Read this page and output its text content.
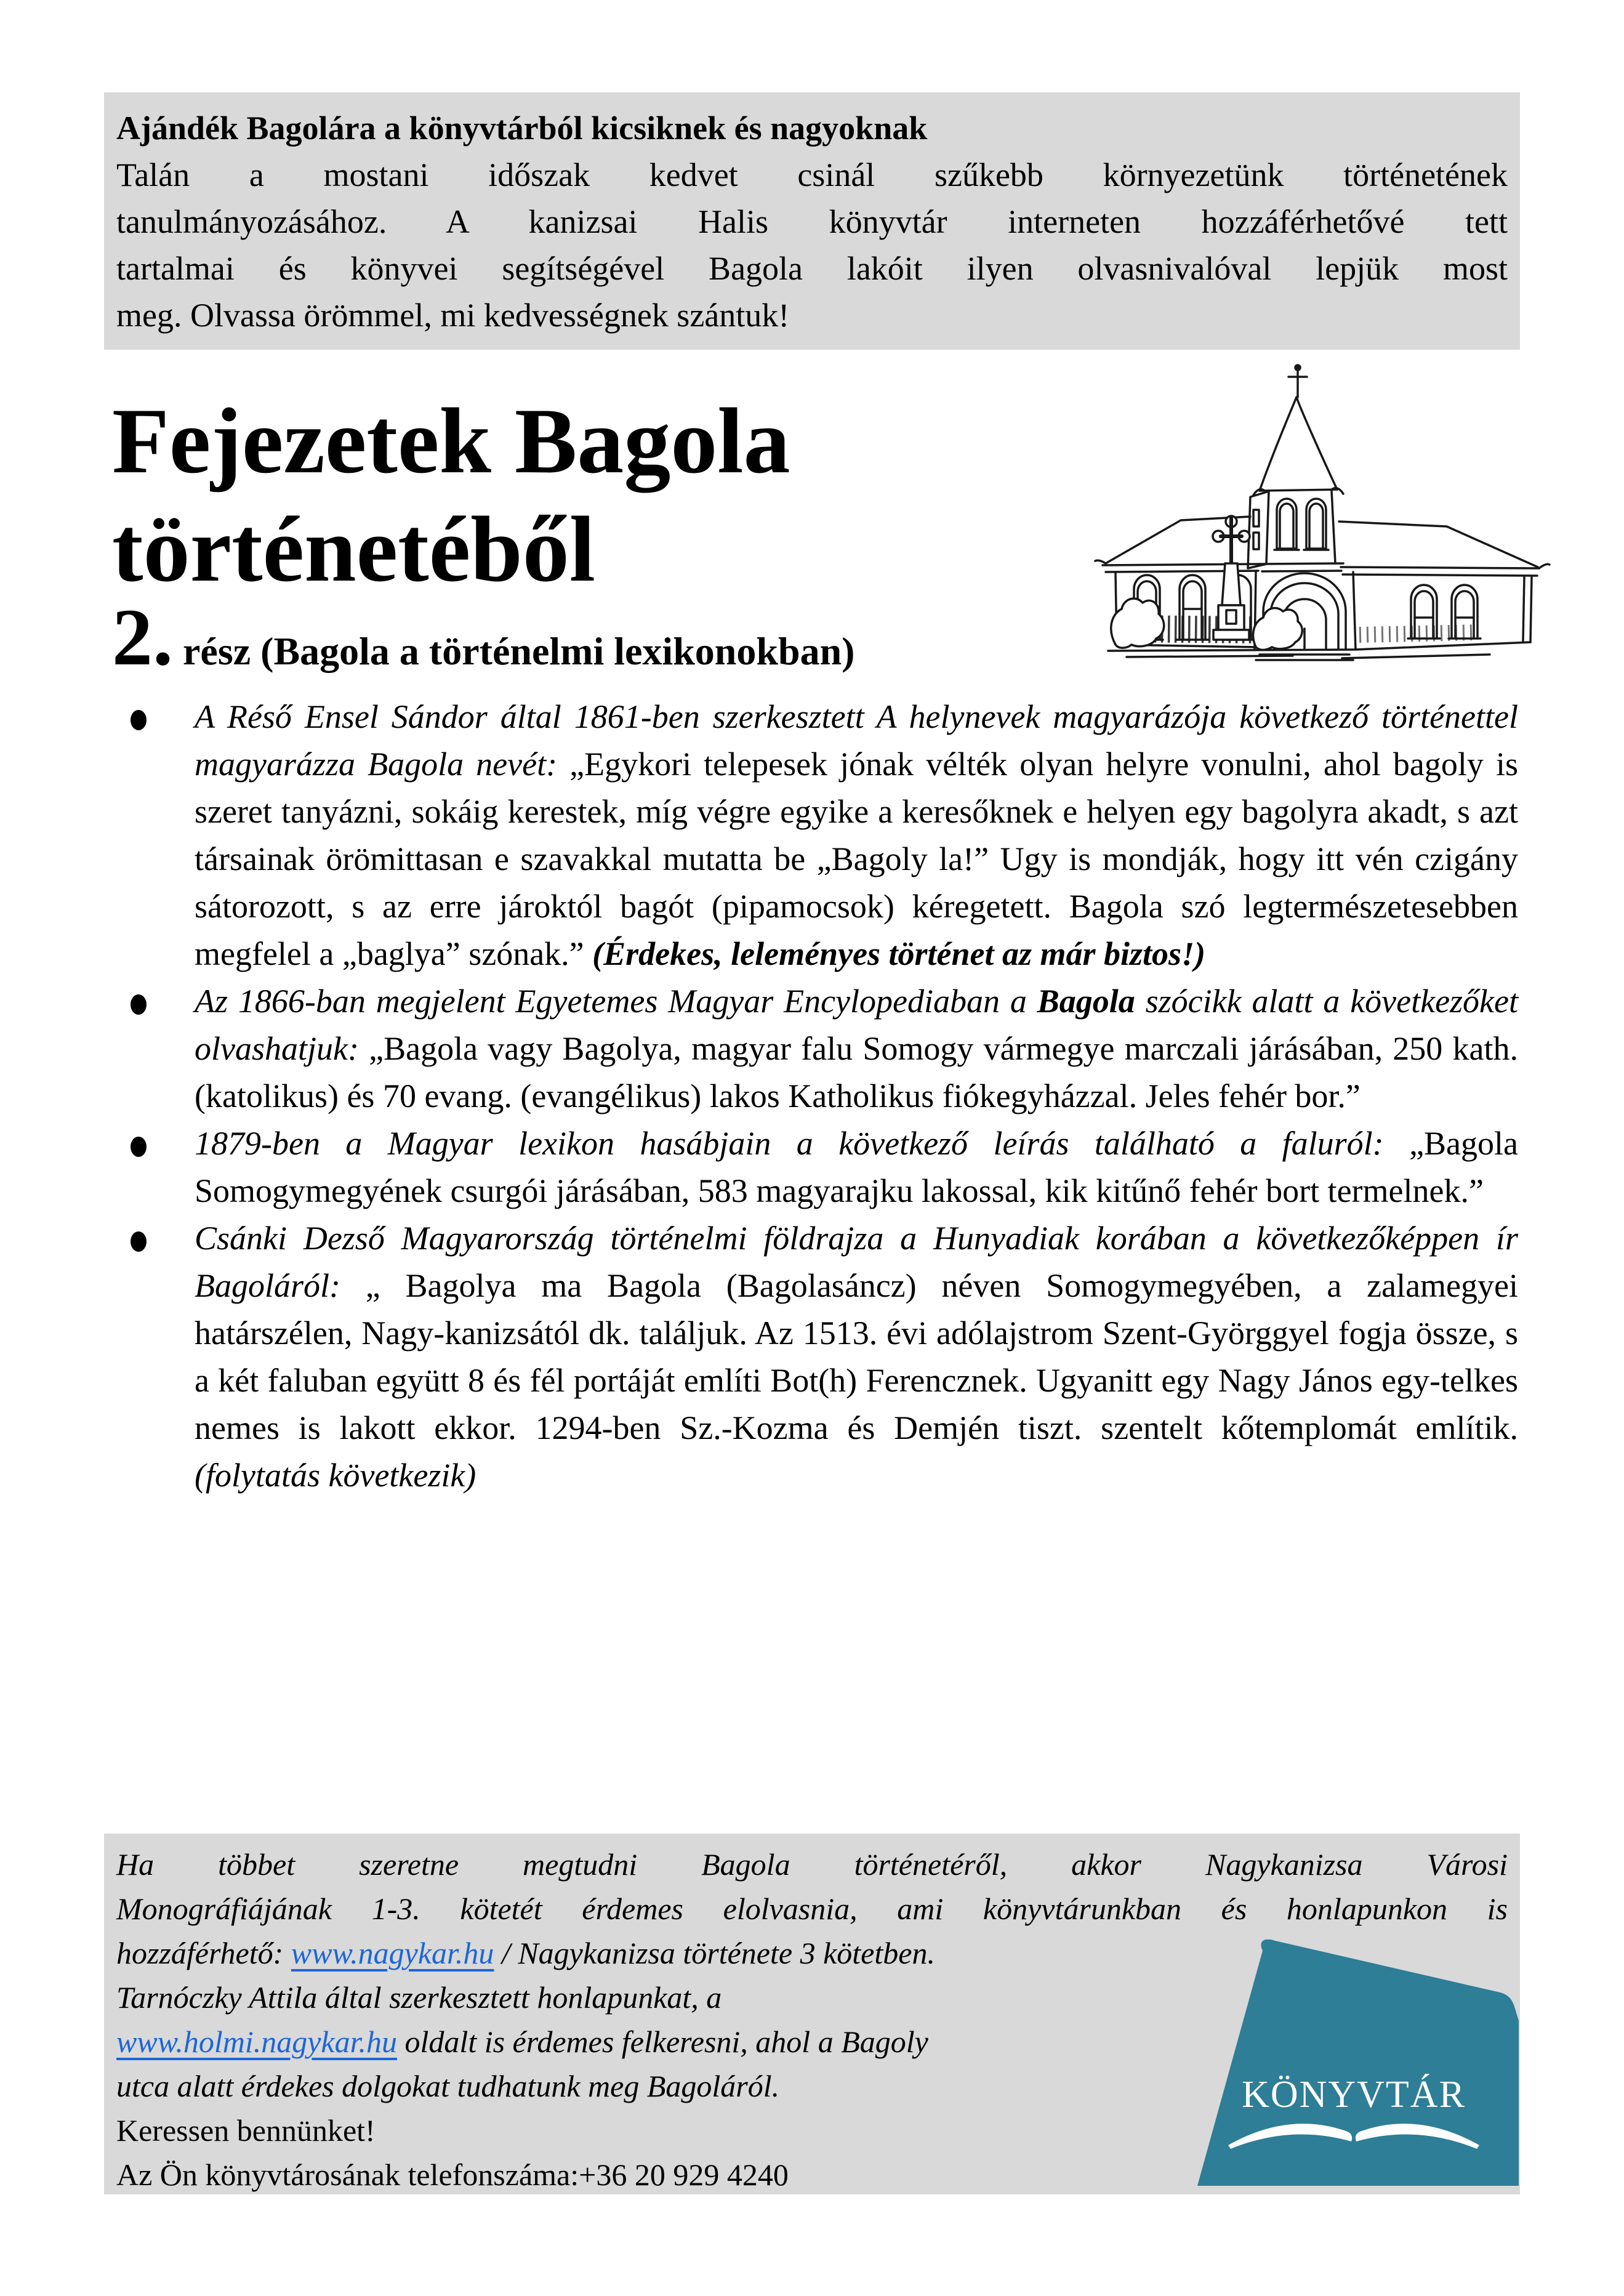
Ajándék Bagolára a könyvtárból kicsiknek és nagyoknak
Talán a mostani időszak kedvet csinál szűkebb környezetünk történetének
tanulmányozásához. A kanizsai Halis könyvtár interneten hozzáférhetővé tett
tartalmai és könyvei segítségével Bagola lakóit ilyen olvasnivalóval lepjük most
meg. Olvassa örömmel, mi kedvességnek szántuk!
Fejezetek Bagola történetéből
2. rész (Bagola a történelmi lexikonokban)
A Réső Ensel Sándor által 1861-ben szerkesztett A helynevek magyarázója következő történettel magyarázza Bagola nevét: „Egykori telepesek jónak vélték olyan helyre vonulni, ahol bagoly is szeret tanyázni, sokáig kerestek, míg végre egyike a keresőknek e helyen egy bagolyra akadt, s azt társainak örömittasan e szavakkal mutatta be „Bagoly la!” Ugy is mondják, hogy itt vén czigány sátorozott, s az erre jároktól bagót (pipamocsok) kéregetett. Bagola szó legtermészetesebben megfelel a „baglya” szónak.” (Érdekes, leleményes történet az már biztos!)
Az 1866-ban megjelent Egyetemes Magyar Encylopediaban a Bagola szócikk alatt a következőket olvashatjuk: „Bagola vagy Bagolya, magyar falu Somogy vármegye marczali járásában, 250 kath. (katolikus) és 70 evang. (evangélikus) lakos Katholikus fiókegyházzal. Jeles fehér bor.”
1879-ben a Magyar lexikon hasábjain a következő leírás található a faluról: „Bagola Somogymegyének csurgói járásában, 583 magyarajku lakossal, kik kitűnő fehér bort termelnek.”
Csánki Dezső Magyarország történelmi földrajza a Hunyadiak korában a következőképpen ír Bagoláról: „ Bagolya ma Bagola (Bagolasáncz) néven Somogymegyében, a zalamegyei határszélen, Nagy-kanizsától dk. találjuk. Az 1513. évi adólajstrom Szent-Györggyel fogja össze, s a két faluban együtt 8 és fél portáját említi Bot(h) Ferencznek. Ugyanitt egy Nagy János egy-telkes nemes is lakott ekkor. 1294-ben Sz.-Kozma és Demjén tiszt. szentelt kőtemplomát említik. (folytatás következik)
Ha többet szeretne megtudni Bagola történetéről, akkor Nagykanizsa Városi
Monográfiájának 1-3. kötetét érdemes elolvasnia, ami könyvtárunkban és honlapunkon is
hozzáférhető: www.nagykar.hu / Nagykanizsa története 3 kötetben.
Tarnóczky Attila által szerkesztett honlapunkat, a
www.holmi.nagykar.hu oldalt is érdemes felkeresni, ahol a Bagoly
utca alatt érdekes dolgokat tudhatunk meg Bagoláról.
Keressen bennünket!
Az Ön könyvtárosának telefonszáma:+36 20 929 4240
KÖNYVTÁR
